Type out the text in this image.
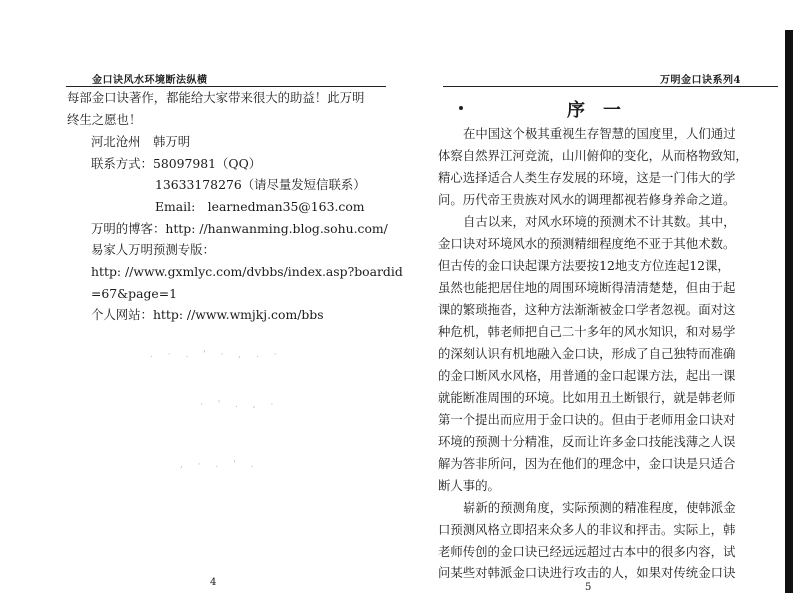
金口诀风水环境断法纵横
每部金口诀著作，都能给大家带来很大的助益！此万明
终生之愿也！
河北沧州　韩万明
联系方式：58097981（QQ）
13633178276（请尽量发短信联系）
Email:　learnedman35@163.com
万明的博客：http: //hanwanming.blog.sohu.com/
易家人万明预测专版：
http: //www.gxmlyc.com/dvbbs/index.asp?boardid
=67&page=1
个人网站：http: //www.wmjkj.com/bbs
. · . ' · , . ·
· ' . , ·
, · . ' .
4
万明金口诀系列4
序一
在中国这个极其重视生存智慧的国度里，人们通过
体察自然界江河竞流，山川俯仰的变化，从而格物致知，
精心选择适合人类生存发展的环境，这是一门伟大的学
问。历代帝王贵族对风水的调理都视若修身养命之道。
自古以来，对风水环境的预测术不计其数。其中，
金口诀对环境风水的预测精细程度绝不亚于其他术数。
但古传的金口诀起课方法要按12地支方位连起12课，
虽然也能把居住地的周围环境断得清清楚楚，但由于起
课的繁琐拖沓，这种方法渐渐被金口学者忽视。面对这
种危机，韩老师把自己二十多年的风水知识，和对易学
的深刻认识有机地融入金口诀，形成了自己独特而准确
的金口断风水风格，用普通的金口起课方法，起出一课
就能断准周围的环境。比如用丑土断银行，就是韩老师
第一个提出而应用于金口诀的。但由于老师用金口诀对
环境的预测十分精准，反而让许多金口技能浅薄之人误
解为答非所问，因为在他们的理念中，金口诀是只适合
断人事的。
崭新的预测角度，实际预测的精准程度，使韩派金
口预测风格立即招来众多人的非议和抨击。实际上，韩
老师传创的金口诀已经远远超过古本中的很多内容，试
问某些对韩派金口诀进行攻击的人，如果对传统金口诀
5
